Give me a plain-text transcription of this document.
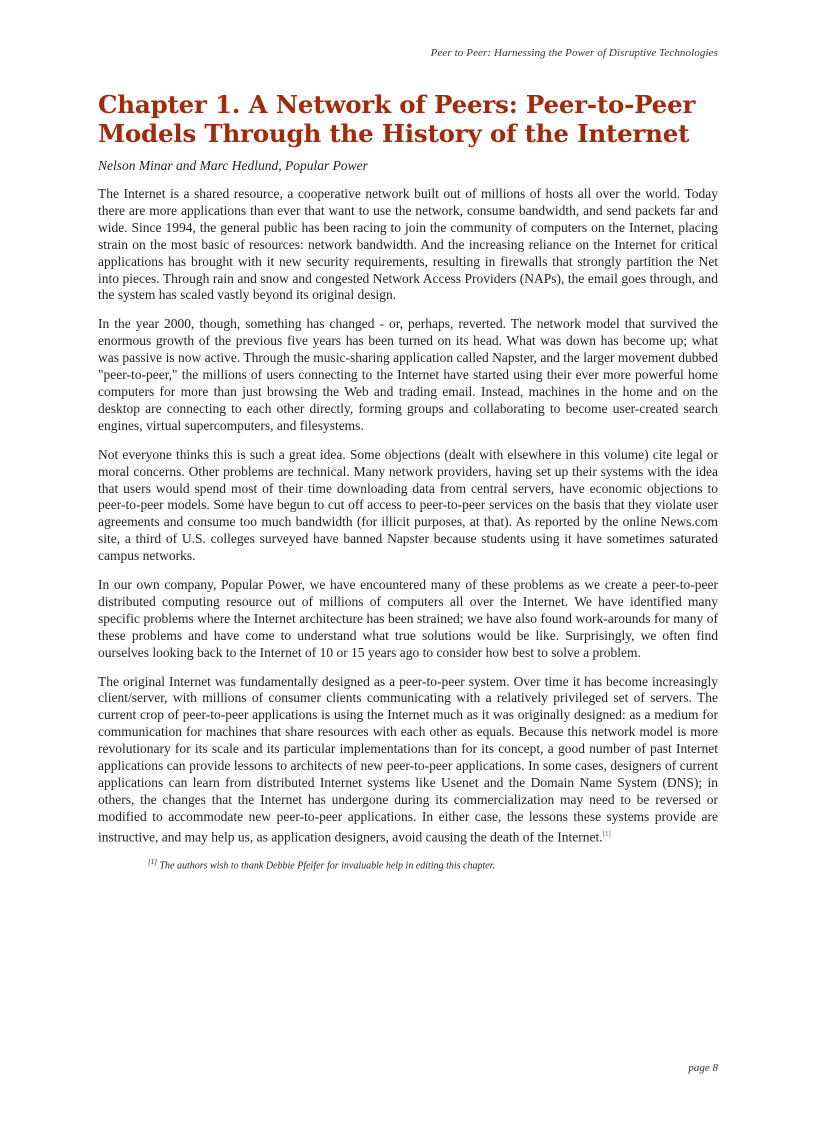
Peer to Peer: Harnessing the Power of Disruptive Technologies
Chapter 1. A Network of Peers: Peer-to-Peer Models Through the History of the Internet

Nelson Minar and Marc Hedlund, Popular Power

The Internet is a shared resource, a cooperative network built out of millions of hosts all over the world. Today there are more applications than ever that want to use the network, consume bandwidth, and send packets far and wide. Since 1994, the general public has been racing to join the community of computers on the Internet, placing strain on the most basic of resources: network bandwidth. And the increasing reliance on the Internet for critical applications has brought with it new security requirements, resulting in firewalls that strongly partition the Net into pieces. Through rain and snow and congested Network Access Providers (NAPs), the email goes through, and the system has scaled vastly beyond its original design.

In the year 2000, though, something has changed - or, perhaps, reverted. The network model that survived the enormous growth of the previous five years has been turned on its head. What was down has become up; what was passive is now active. Through the music-sharing application called Napster, and the larger movement dubbed "peer-to-peer," the millions of users connecting to the Internet have started using their ever more powerful home computers for more than just browsing the Web and trading email. Instead, machines in the home and on the desktop are connecting to each other directly, forming groups and collaborating to become user-created search engines, virtual supercomputers, and filesystems.

Not everyone thinks this is such a great idea. Some objections (dealt with elsewhere in this volume) cite legal or moral concerns. Other problems are technical. Many network providers, having set up their systems with the idea that users would spend most of their time downloading data from central servers, have economic objections to peer-to-peer models. Some have begun to cut off access to peer-to-peer services on the basis that they violate user agreements and consume too much bandwidth (for illicit purposes, at that). As reported by the online News.com site, a third of U.S. colleges surveyed have banned Napster because students using it have sometimes saturated campus networks.

In our own company, Popular Power, we have encountered many of these problems as we create a peer-to-peer distributed computing resource out of millions of computers all over the Internet. We have identified many specific problems where the Internet architecture has been strained; we have also found work-arounds for many of these problems and have come to understand what true solutions would be like. Surprisingly, we often find ourselves looking back to the Internet of 10 or 15 years ago to consider how best to solve a problem.

The original Internet was fundamentally designed as a peer-to-peer system. Over time it has become increasingly client/server, with millions of consumer clients communicating with a relatively privileged set of servers. The current crop of peer-to-peer applications is using the Internet much as it was originally designed: as a medium for communication for machines that share resources with each other as equals. Because this network model is more revolutionary for its scale and its particular implementations than for its concept, a good number of past Internet applications can provide lessons to architects of new peer-to-peer applications. In some cases, designers of current applications can learn from distributed Internet systems like Usenet and the Domain Name System (DNS); in others, the changes that the Internet has undergone during its commercialization may need to be reversed or modified to accommodate new peer-to-peer applications. In either case, the lessons these systems provide are instructive, and may help us, as application designers, avoid causing the death of the Internet.[1]

[1] The authors wish to thank Debbie Pfeifer for invaluable help in editing this chapter.
page 8
